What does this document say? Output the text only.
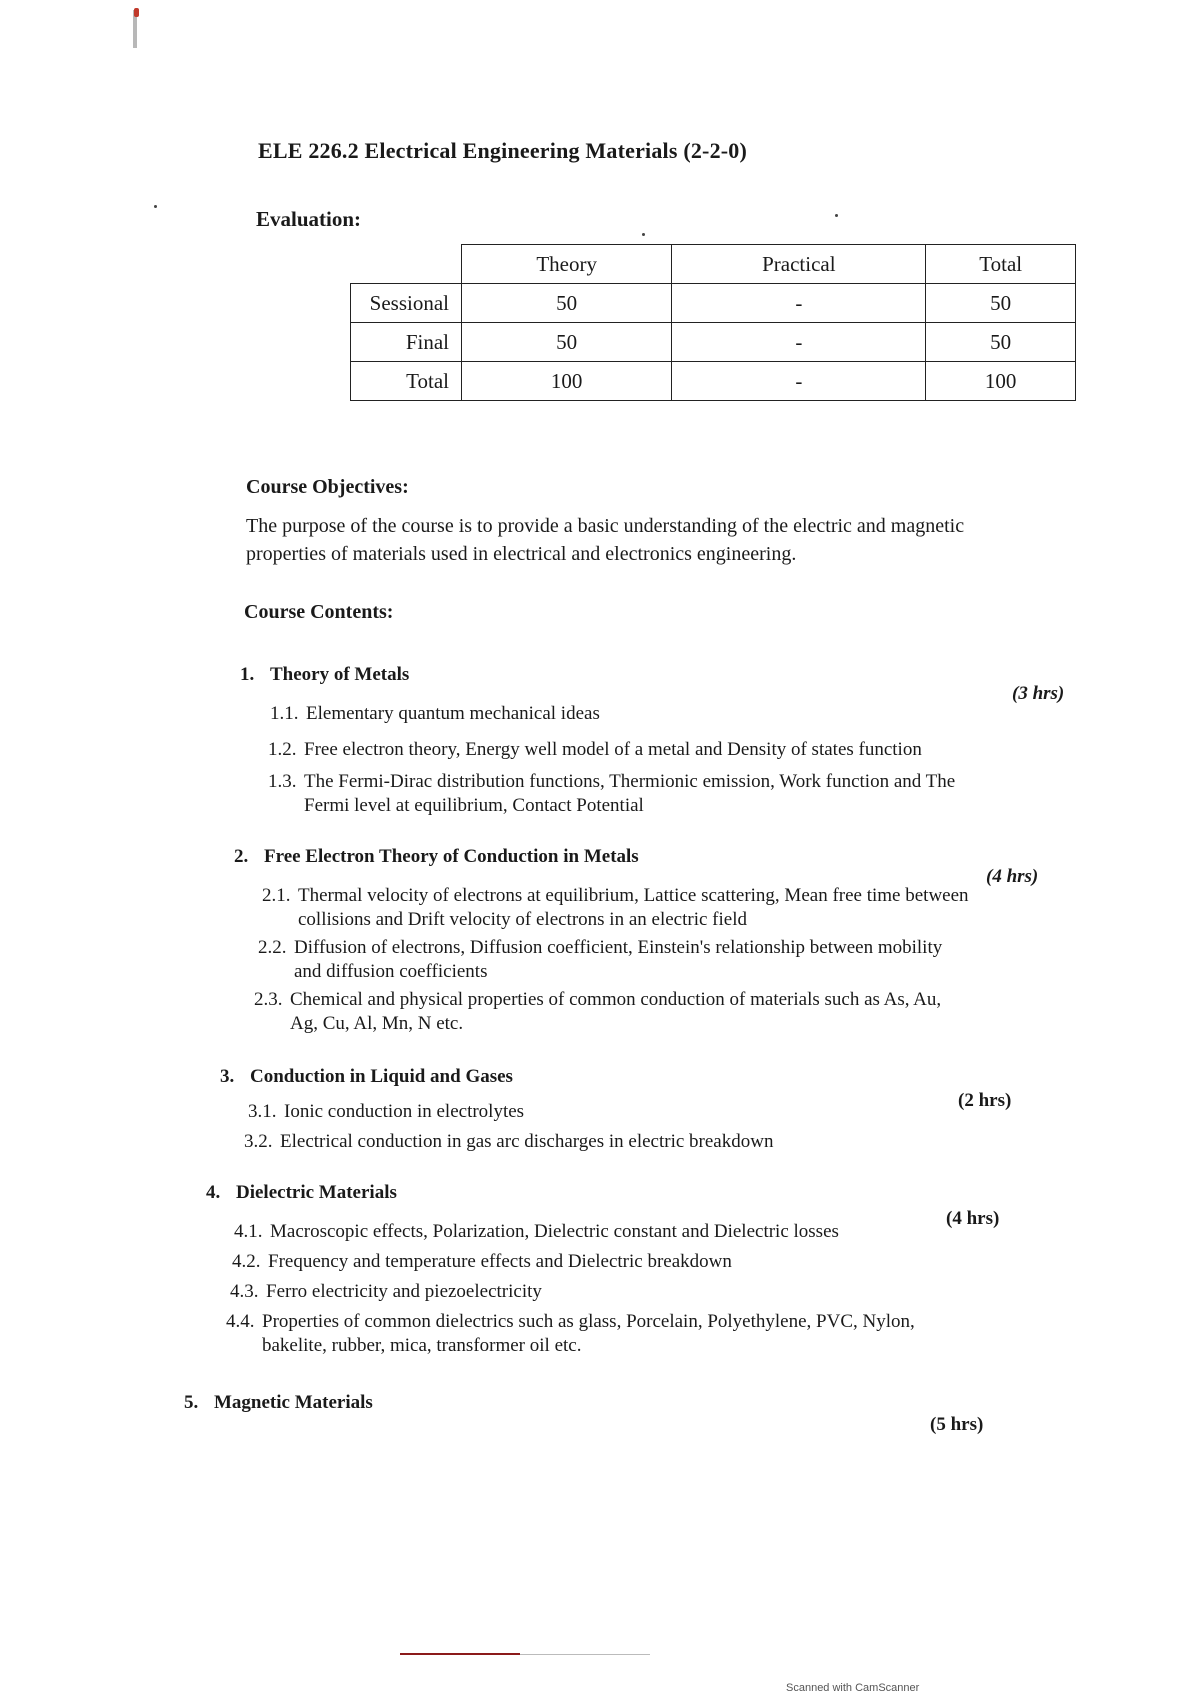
ELE 226.2 Electrical Engineering Materials (2-2-0)
Evaluation:
	Theory	Practical	Total
Sessional	50	-	50
Final	50	-	50
Total	100	-	100
Course Objectives:
The purpose of the course is to provide a basic understanding of the electric and magnetic properties of materials used in electrical and electronics engineering.
Course Contents:
1. Theory of Metals
(3 hrs)
1.1. Elementary quantum mechanical ideas
1.2. Free electron theory, Energy well model of a metal and Density of states function
1.3. The Fermi-Dirac distribution functions, Thermionic emission, Work function and The
Fermi level at equilibrium, Contact Potential
2. Free Electron Theory of Conduction in Metals
(4 hrs)
2.1. Thermal velocity of electrons at equilibrium, Lattice scattering, Mean free time between
collisions and Drift velocity of electrons in an electric field
2.2. Diffusion of electrons, Diffusion coefficient, Einstein's relationship between mobility
and diffusion coefficients
2.3. Chemical and physical properties of common conduction of materials such as As, Au,
Ag, Cu, Al, Mn, N etc.
3. Conduction in Liquid and Gases
(2 hrs)
3.1. Ionic conduction in electrolytes
3.2. Electrical conduction in gas arc discharges in electric breakdown
4. Dielectric Materials
(4 hrs)
4.1. Macroscopic effects, Polarization, Dielectric constant and Dielectric losses
4.2. Frequency and temperature effects and Dielectric breakdown
4.3. Ferro electricity and piezoelectricity
4.4. Properties of common dielectrics such as glass, Porcelain, Polyethylene, PVC, Nylon,
bakelite, rubber, mica, transformer oil etc.
5. Magnetic Materials
(5 hrs)
Scanned with CamScanner
